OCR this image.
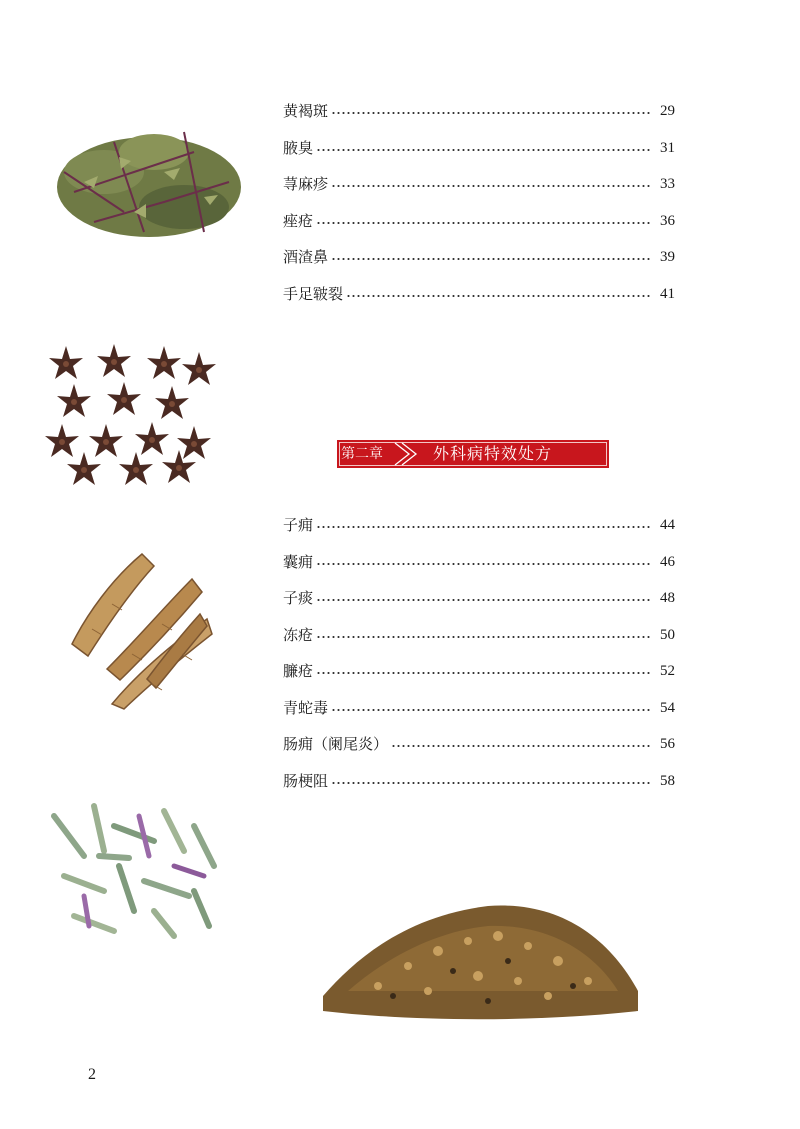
黄褐斑	29
腋臭	31
荨麻疹	33
痤疮	36
酒渣鼻	39
手足皲裂	41
第二章	外科病特效处方
子痈	44
囊痈	46
子痰	48
冻疮	50
臁疮	52
青蛇毒	54
肠痈（阑尾炎）	56
肠梗阻	58
2
